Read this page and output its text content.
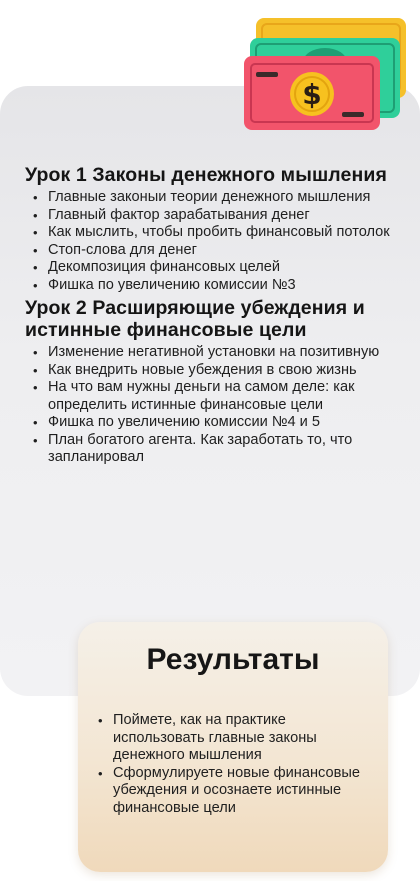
$
Урок 1 Законы денежного мышления
• Главные законыи теории денежного мышления
• Главный фактор зарабатывания денег
• Как мыслить, чтобы пробить финансовый потолок
• Стоп-слова для денег
• Декомпозиция финансовых целей
• Фишка по увеличению комиссии №3
Урок 2 Расширяющие убеждения и истинные финансовые цели
• Изменение негативной установки на позитивную
• Как внедрить новые убеждения в свою жизнь
• На что вам нужны деньги на самом деле: как определить истинные финансовые цели
• Фишка по увеличению комиссии №4 и 5
• План богатого агента. Как заработать то, что запланировал
Результаты
• Поймете, как на практике использовать главные законы денежного мышления
• Сформулируете новые финансовые убеждения и осознаете истинные финансовые цели
